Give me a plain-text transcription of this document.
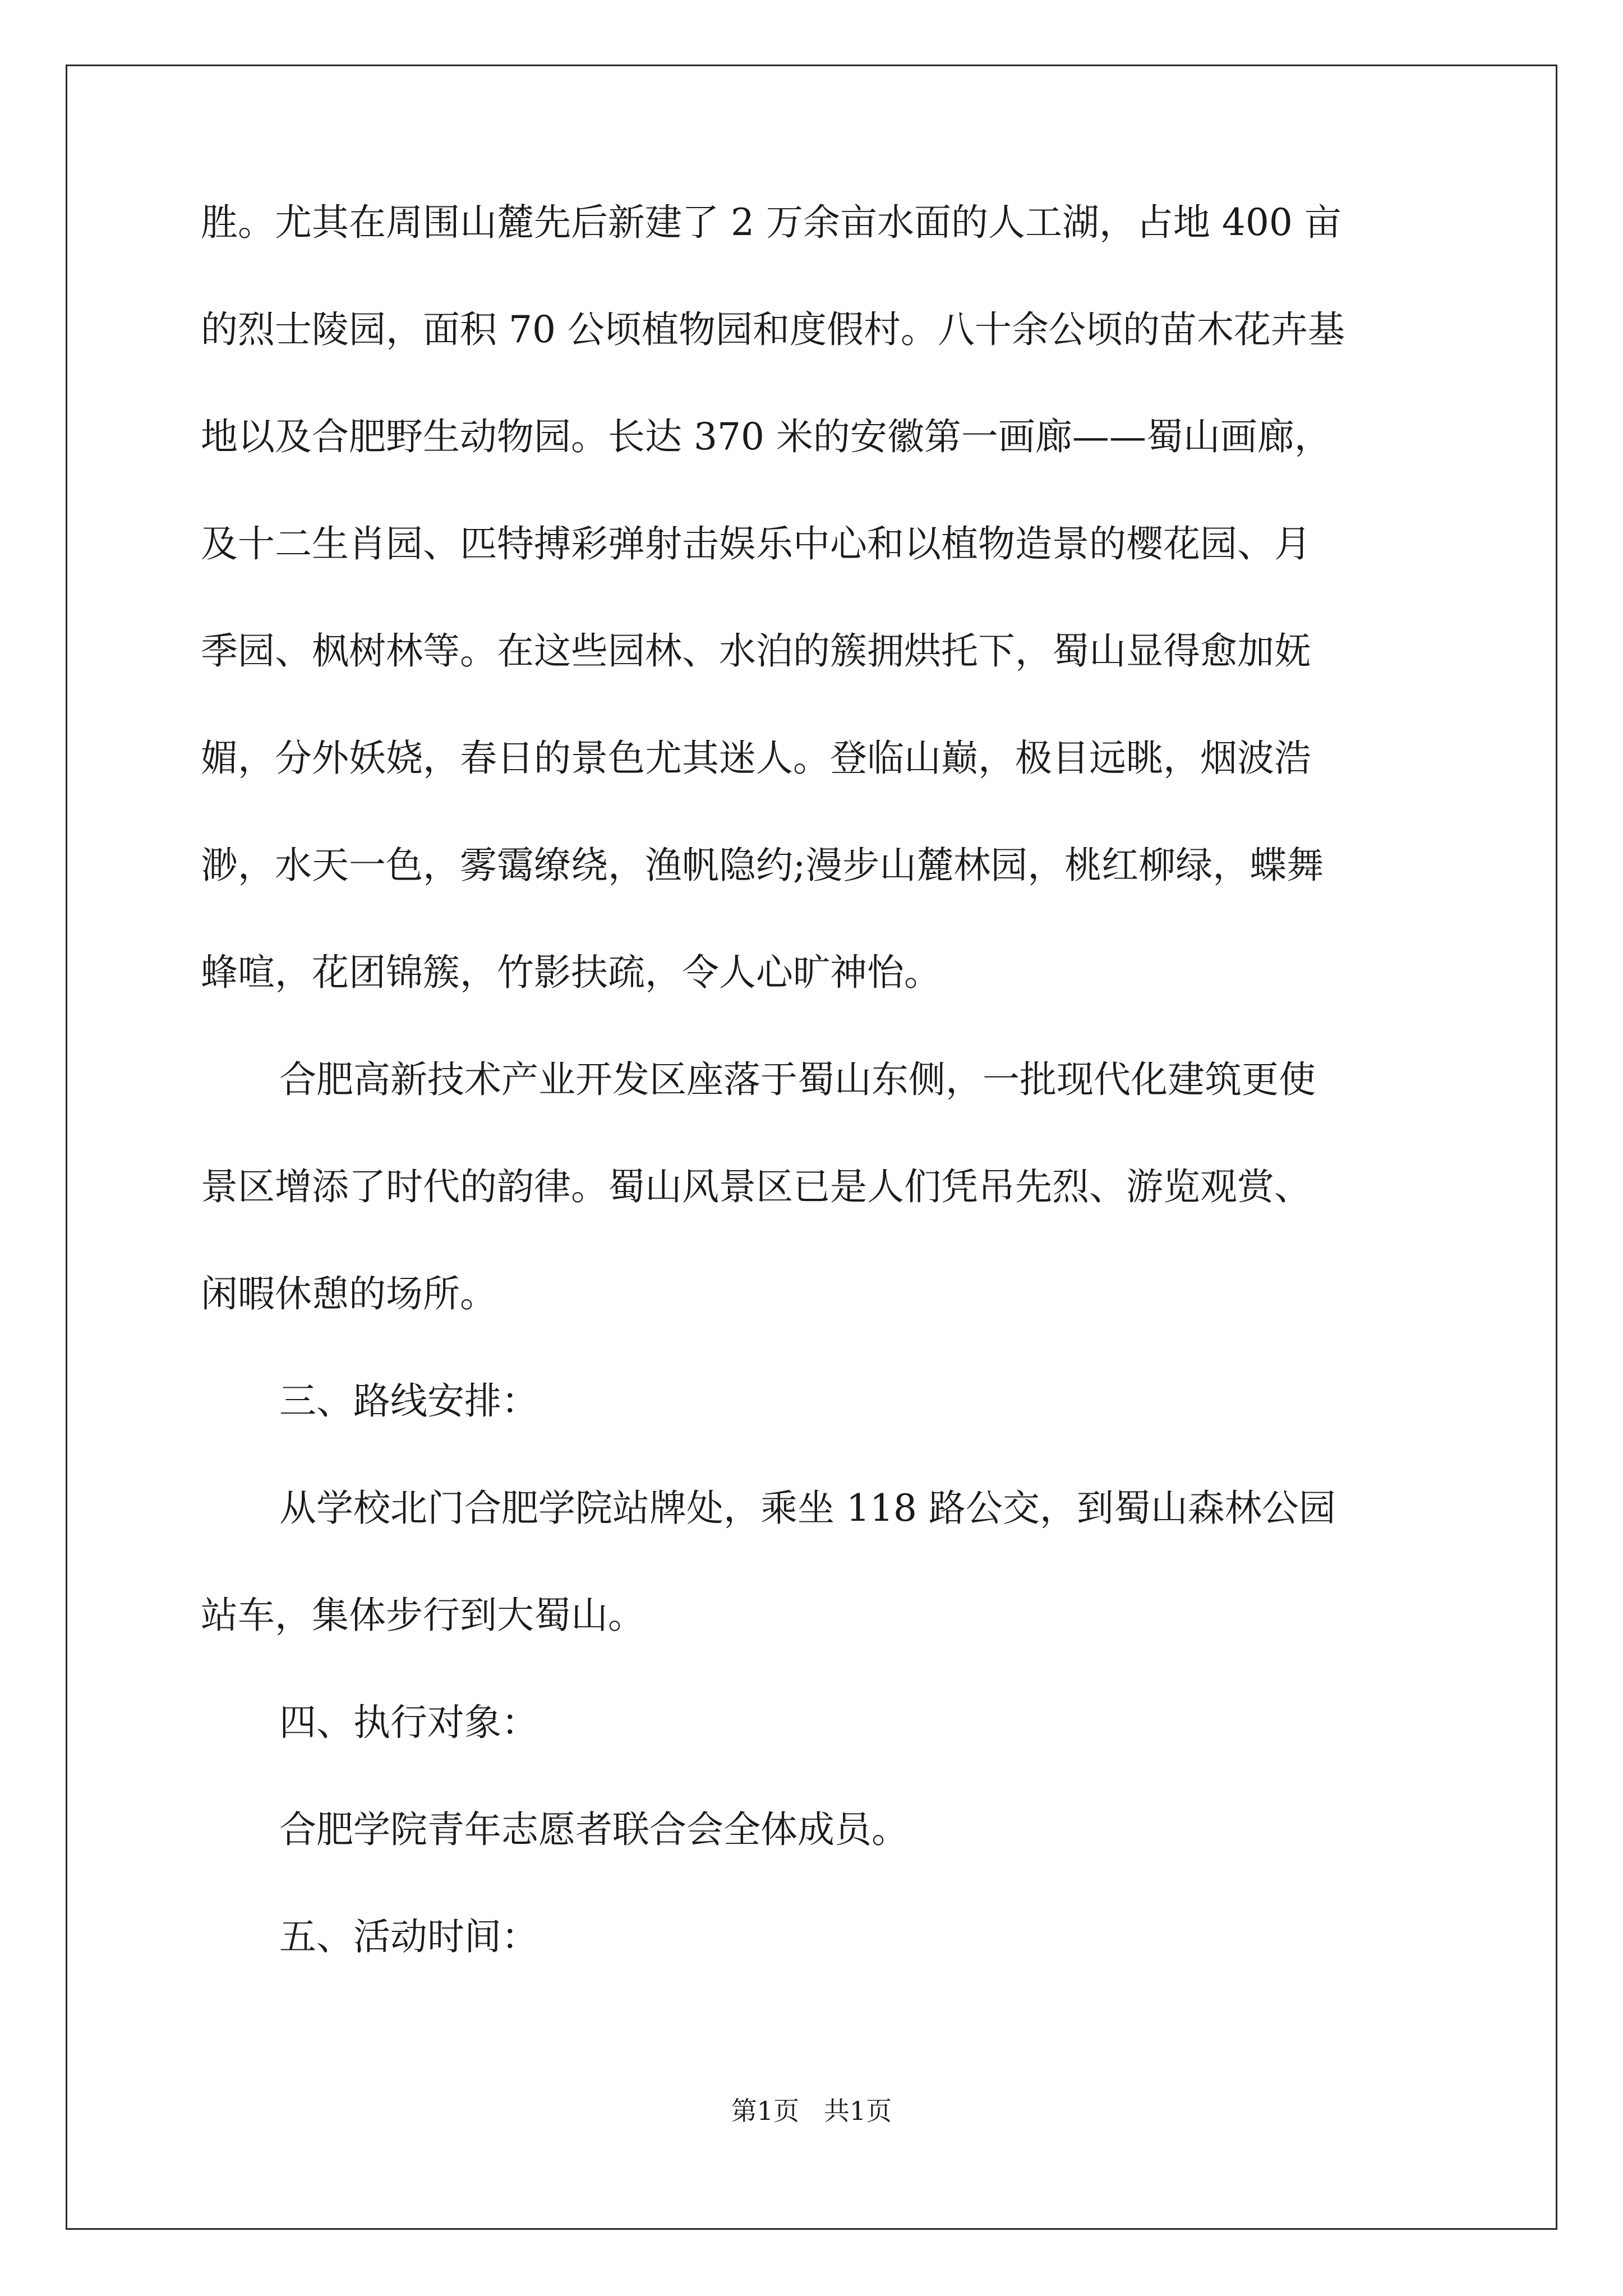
胜。尤其在周围山麓先后新建了 2 万余亩水面的人工湖，占地 400 亩
的烈士陵园，面积 70 公顷植物园和度假村。八十余公顷的苗木花卉基
地以及合肥野生动物园。长达 370 米的安徽第一画廊——蜀山画廊，
及十二生肖园、匹特搏彩弹射击娱乐中心和以植物造景的樱花园、月
季园、枫树林等。在这些园林、水泊的簇拥烘托下，蜀山显得愈加妩
媚，分外妖娆，春日的景色尤其迷人。登临山巅，极目远眺，烟波浩
渺，水天一色，雾霭缭绕，渔帆隐约;漫步山麓林园，桃红柳绿，蝶舞
蜂喧，花团锦簇，竹影扶疏，令人心旷神怡。
合肥高新技术产业开发区座落于蜀山东侧，一批现代化建筑更使
景区增添了时代的韵律。蜀山风景区已是人们凭吊先烈、游览观赏、
闲暇休憩的场所。
三、路线安排：
从学校北门合肥学院站牌处，乘坐 118 路公交，到蜀山森林公园
站车，集体步行到大蜀山。
四、执行对象：
合肥学院青年志愿者联合会全体成员。
五、活动时间：
第1页   共1页
